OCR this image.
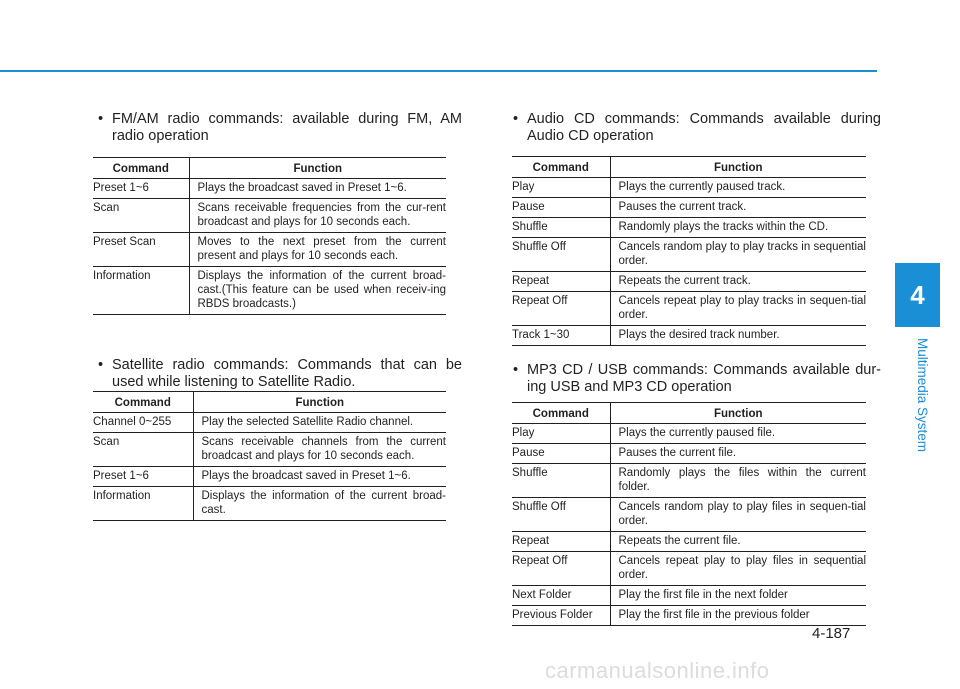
• FM/AM radio commands: available during FM, AM radio operation

Command	Function
Preset 1~6	Plays the broadcast saved in Preset 1~6.
Scan	Scans receivable frequencies from the cur-rent broadcast and plays for 10 seconds each.
Preset Scan	Moves to the next preset from the current present and plays for 10 seconds each.
Information	Displays the information of the current broad-cast.(This feature can be used when receiv-ing RBDS broadcasts.)

• Satellite radio commands: Commands that can be used while listening to Satellite Radio.

Command	Function
Channel 0~255	Play the selected Satellite Radio channel.
Scan	Scans receivable channels from the current broadcast and plays for 10 seconds each.
Preset 1~6	Plays the broadcast saved in Preset 1~6.
Information	Displays the information of the current broad-cast.

• Audio CD commands: Commands available during Audio CD operation

Command	Function
Play	Plays the currently paused track.
Pause	Pauses the current track.
Shuffle	Randomly plays the tracks within the CD.
Shuffle Off	Cancels random play to play tracks in sequential order.
Repeat	Repeats the current track.
Repeat Off	Cancels repeat play to play tracks in sequen-tial order.
Track 1~30	Plays the desired track number.

• MP3 CD / USB commands: Commands available dur-ing USB and MP3 CD operation

Command	Function
Play	Plays the currently paused file.
Pause	Pauses the current file.
Shuffle	Randomly plays the files within the current folder.
Shuffle Off	Cancels random play to play files in sequen-tial order.
Repeat	Repeats the current file.
Repeat Off	Cancels repeat play to play files in sequential order.
Next Folder	Play the first file in the next folder
Previous Folder	Play the first file in the previous folder
4
Multimedia System
4-187
carmanualsonline.info
